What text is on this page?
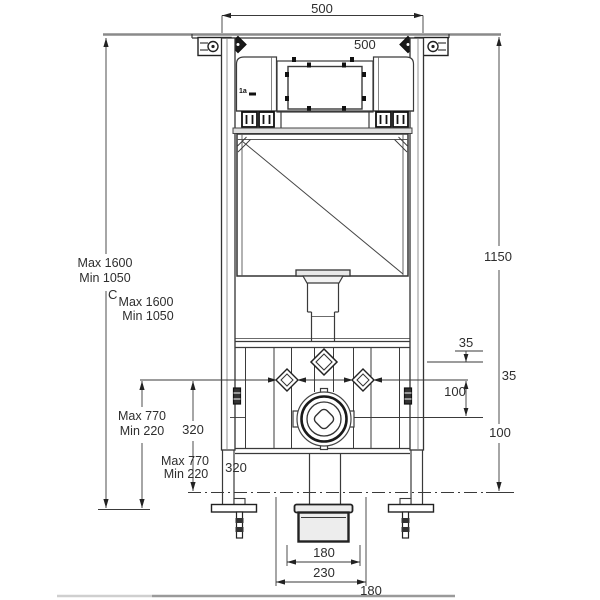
500
500
1150
Max 1600
Min 1050
C Max 1600
Min 1050
35
35
100
100
Max 770
Min 220 320
Max 770
Min 220 320
180
230
180
1a
